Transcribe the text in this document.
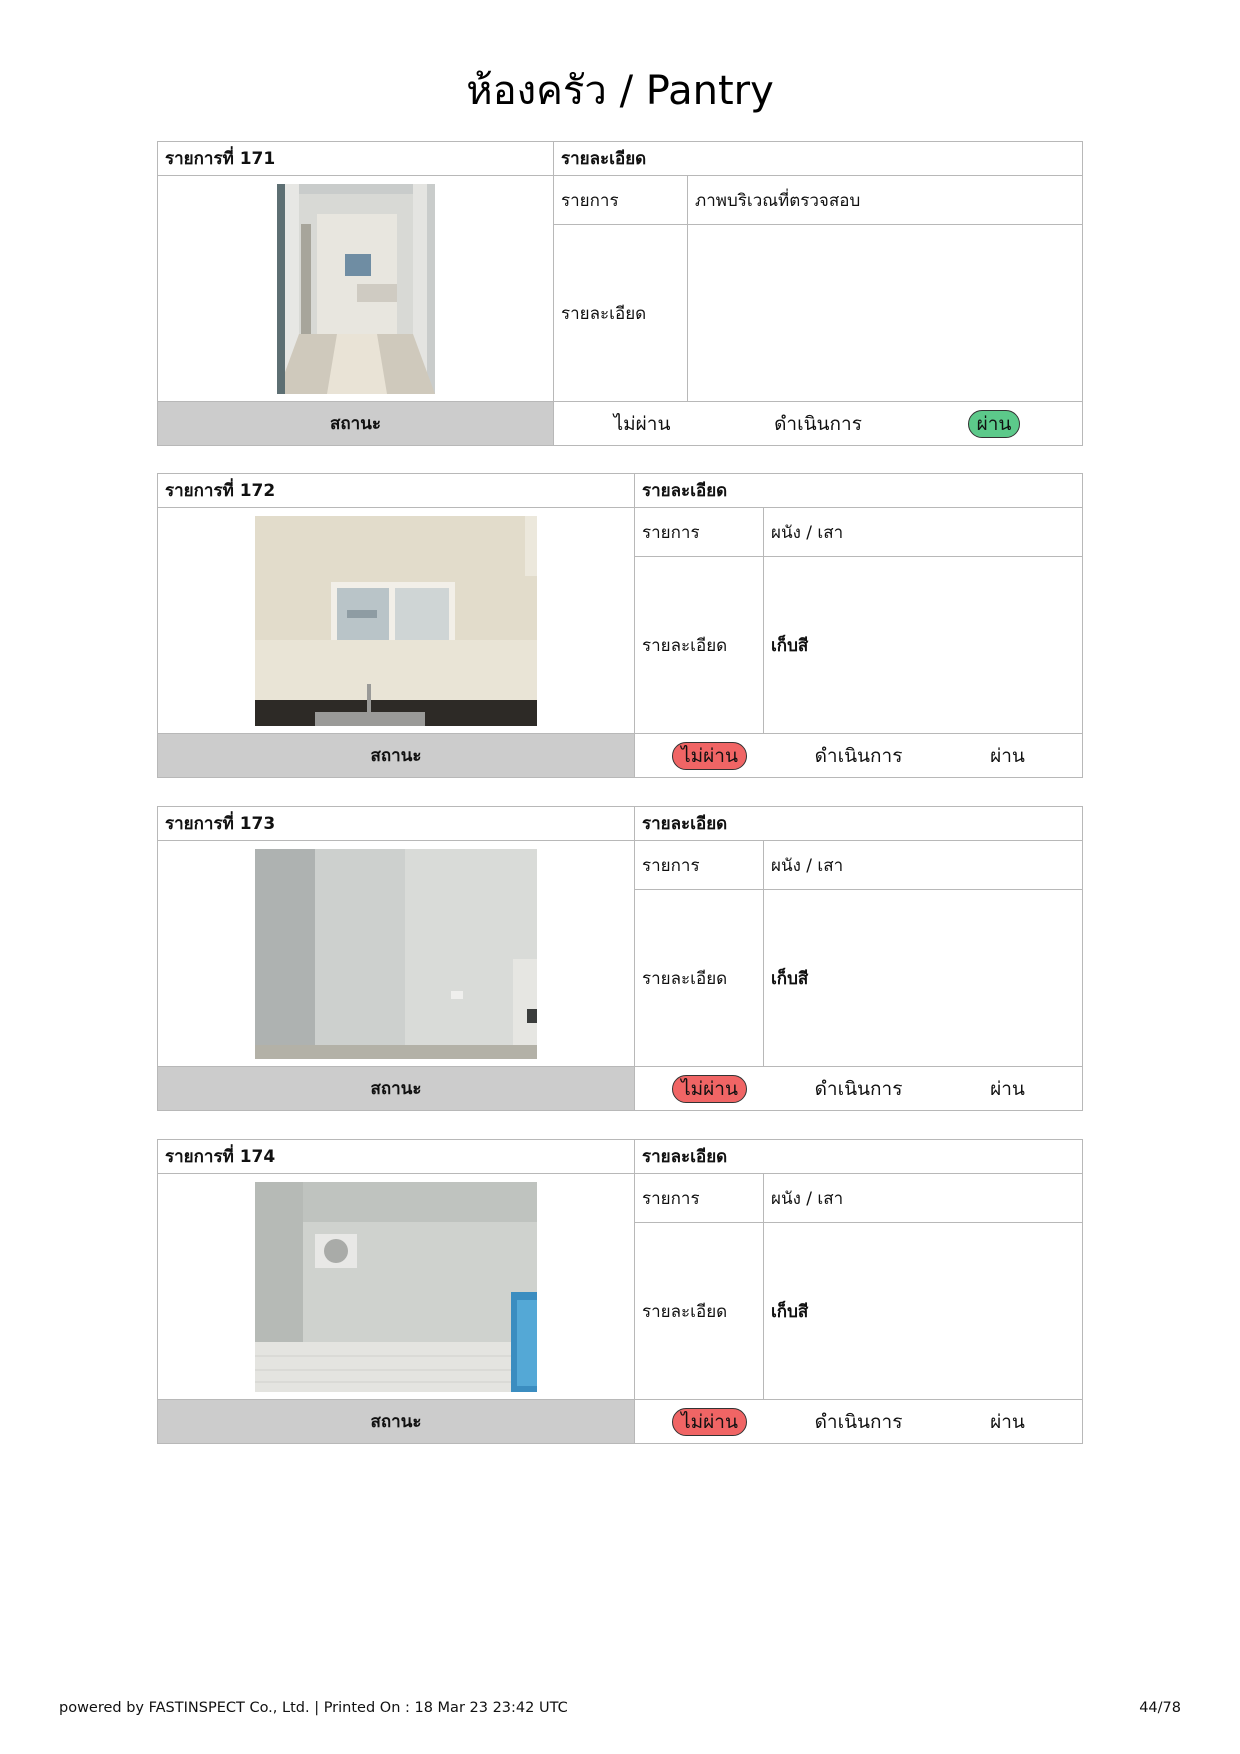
ห้องครัว / Pantry
รายการที่ 171	รายละเอียด	

	รายการ	ภาพบริเวณที่ตรวจสอบ
	รายละเอียด	
สถานะ	ไม่ผ่าน ดำเนินการ ผ่าน	
รายการที่ 172	รายละเอียด	

	รายการ	ผนัง / เสา
	รายละเอียด	เก็บสี
สถานะ	ไม่ผ่าน ดำเนินการ ผ่าน	
รายการที่ 173	รายละเอียด	

	รายการ	ผนัง / เสา
	รายละเอียด	เก็บสี
สถานะ	ไม่ผ่าน ดำเนินการ ผ่าน	
รายการที่ 174	รายละเอียด	

	รายการ	ผนัง / เสา
	รายละเอียด	เก็บสี
สถานะ	ไม่ผ่าน ดำเนินการ ผ่าน	
powered by FASTINSPECT Co., Ltd. | Printed On : 18 Mar 23 23:42 UTC	44/78
